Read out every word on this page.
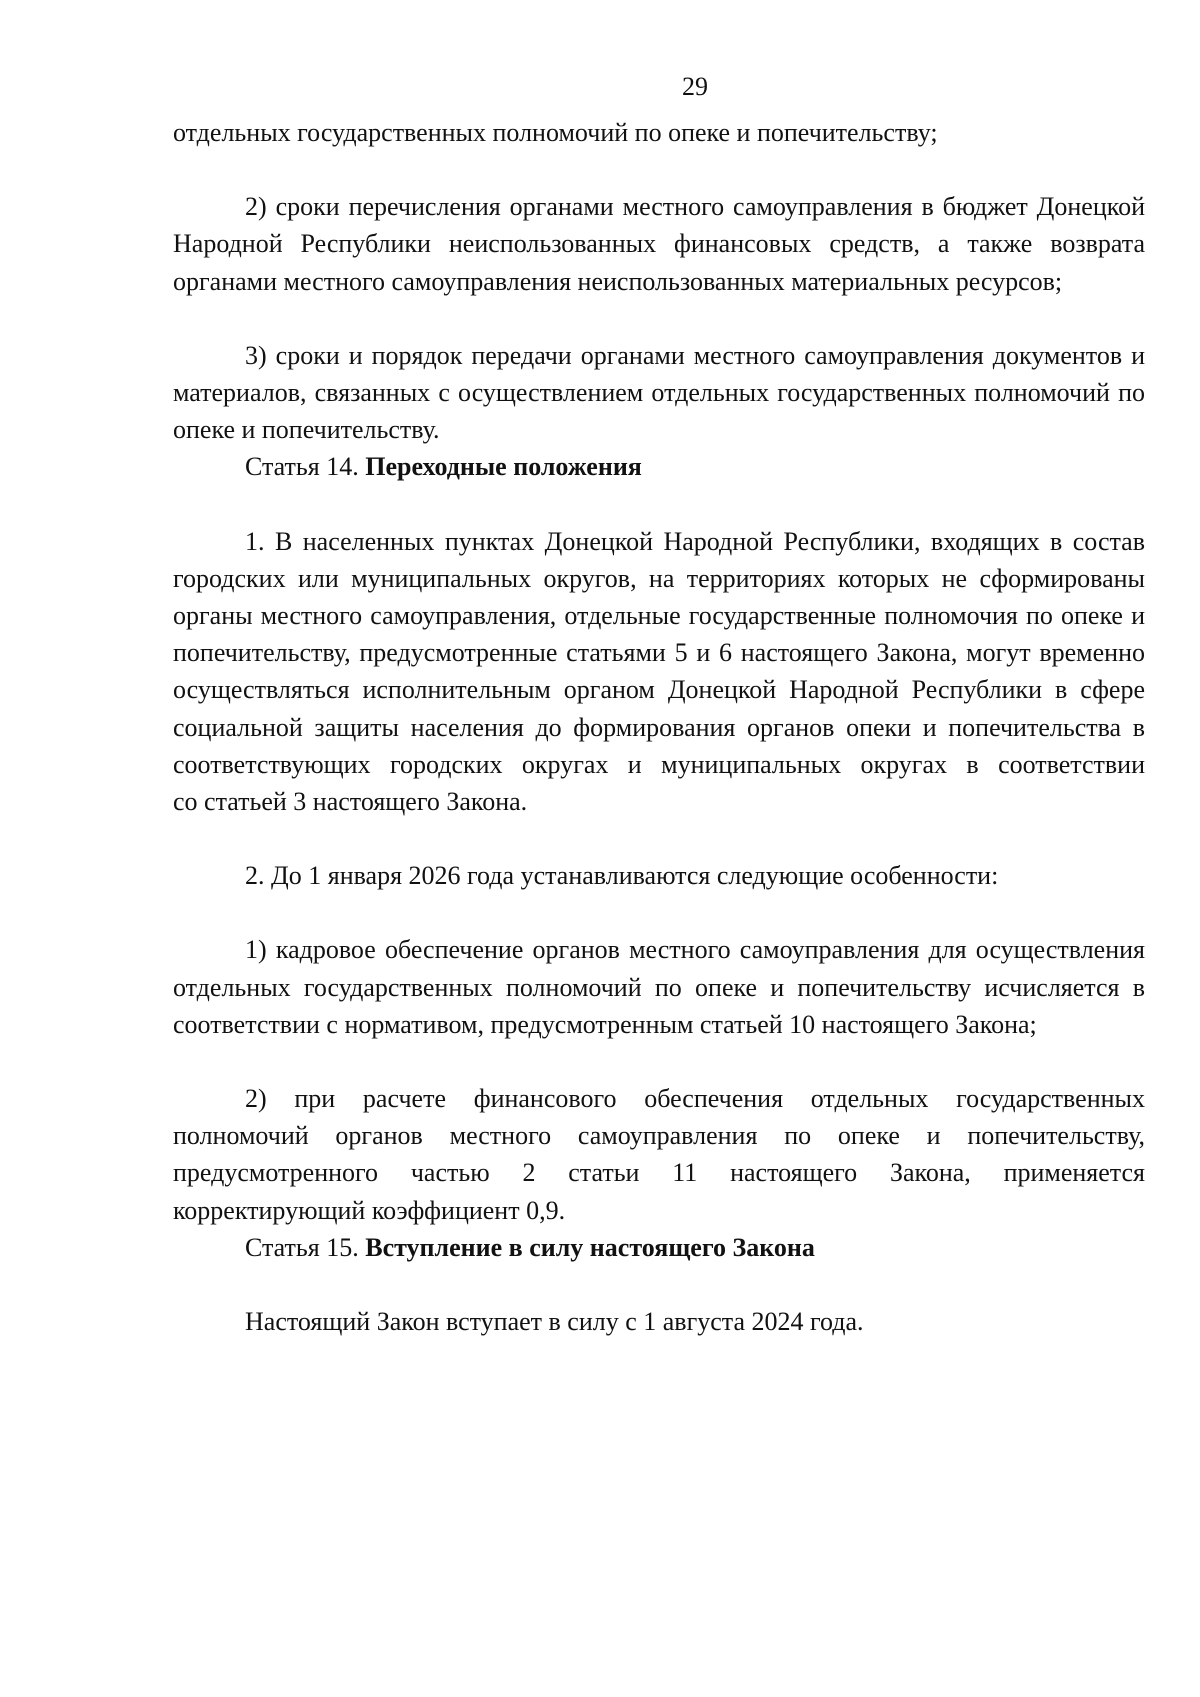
29

отдельных государственных полномочий по опеке и попечительству;

2) сроки перечисления органами местного самоуправления в бюджет Донецкой Народной Республики неиспользованных финансовых средств, а также возврата органами местного самоуправления неиспользованных материальных ресурсов;

3) сроки и порядок передачи органами местного самоуправления документов и материалов, связанных с осуществлением отдельных государственных полномочий по опеке и попечительству.

Статья 14. Переходные положения

1. В населенных пунктах Донецкой Народной Республики, входящих в состав городских или муниципальных округов, на территориях которых не сформированы органы местного самоуправления, отдельные государственные полномочия по опеке и попечительству, предусмотренные статьями 5 и 6 настоящего Закона, могут временно осуществляться исполнительным органом Донецкой Народной Республики в сфере социальной защиты населения до формирования органов опеки и попечительства в соответствующих городских округах и муниципальных округах в соответствии

со статьей 3 настоящего Закона.

2. До 1 января 2026 года устанавливаются следующие особенности:

1) кадровое обеспечение органов местного самоуправления для осуществления отдельных государственных полномочий по опеке и попечительству исчисляется в соответствии с нормативом, предусмотренным статьей 10 настоящего Закона;

2) при расчете финансового обеспечения отдельных государственных полномочий органов местного самоуправления по опеке и попечительству, предусмотренного частью 2 статьи 11 настоящего Закона, применяется корректирующий коэффициент 0,9.

Статья 15. Вступление в силу настоящего Закона

Настоящий Закон вступает в силу с 1 августа 2024 года.
